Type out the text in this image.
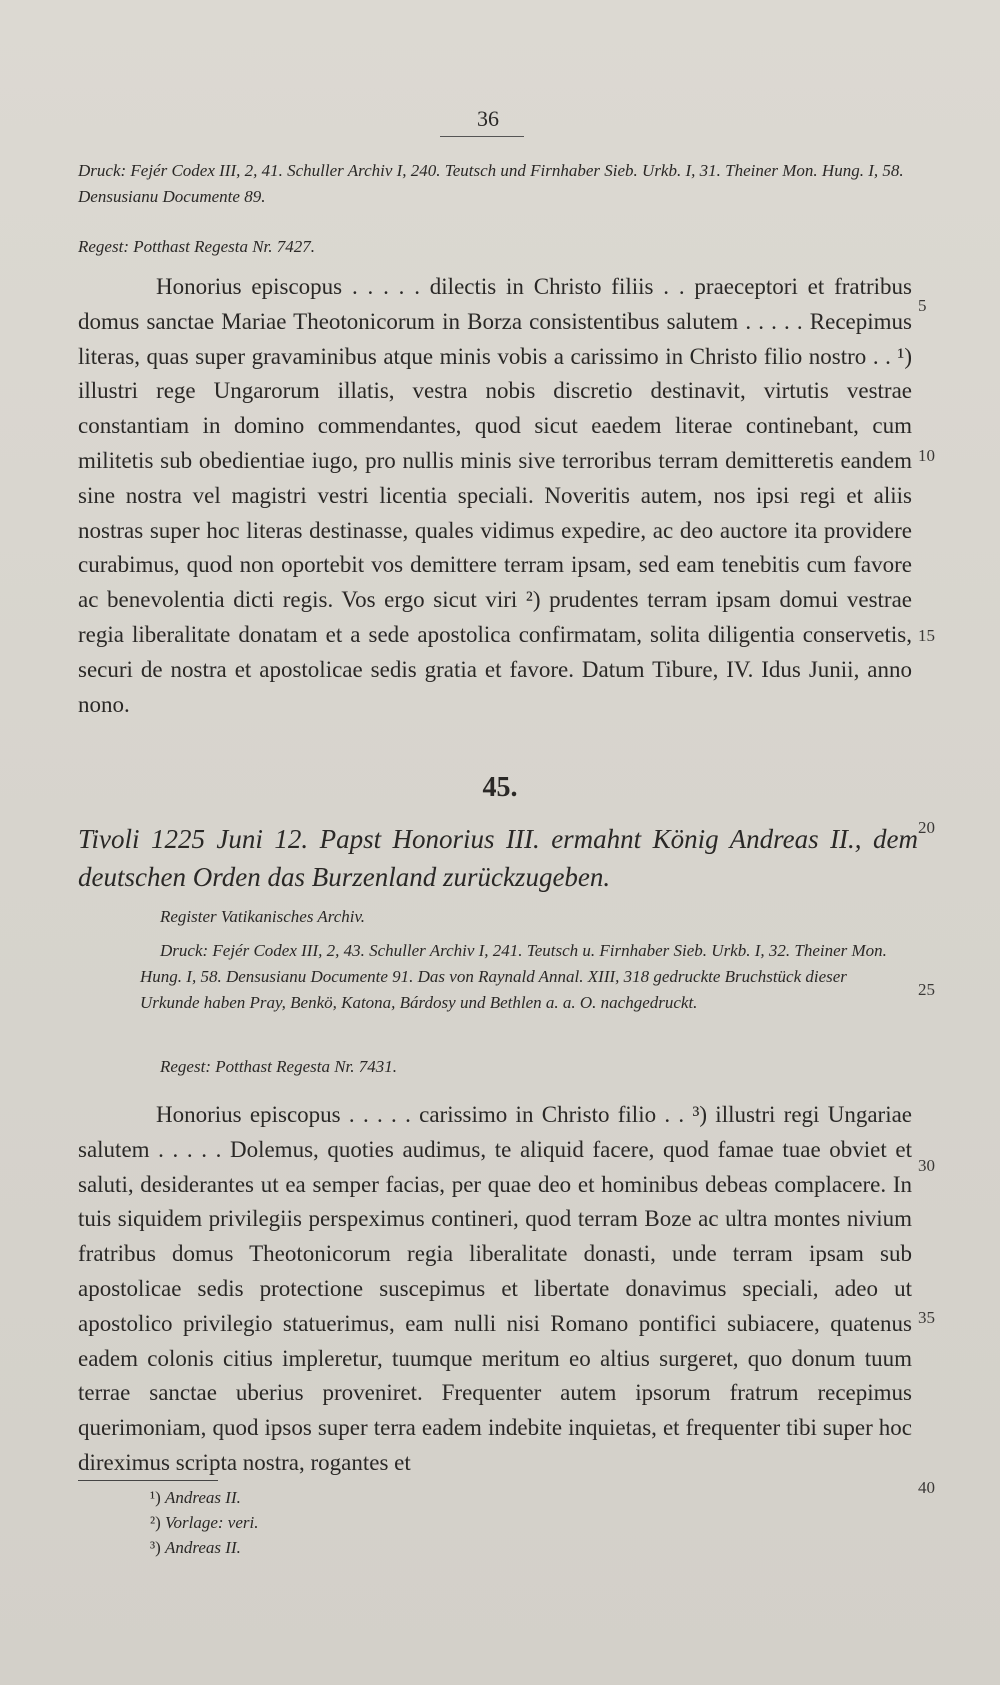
36
Druck: Fejér Codex III, 2, 41. Schuller Archiv I, 240. Teutsch und Firnhaber Sieb. Urkb. I, 31. Theiner Mon. Hung. I, 58. Densusianu Documente 89.
Regest: Potthast Regesta Nr. 7427.

Honorius episcopus . . . . . dilectis in Christo filiis . . praeceptori et fratribus domus sanctae Mariae Theotonicorum in Borza consistentibus salutem . . . . . Recepimus literas, quas super gravaminibus atque minis vobis a carissimo in Christo filio nostro . . ¹) illustri rege Ungarorum illatis, vestra nobis discretio destinavit, virtutis vestrae constantiam in domino commendantes, quod sicut eaedem literae continebant, cum militetis sub obedientiae iugo, pro nullis minis sive terroribus terram demitteretis eandem sine nostra vel magistri vestri licentia speciali. Noveritis autem, nos ipsi regi et aliis nostras super hoc literas destinasse, quales vidimus expedire, ac deo auctore ita providere curabimus, quod non oportebit vos demittere terram ipsam, sed eam tenebitis cum favore ac benevolentia dicti regis. Vos ergo sicut viri ²) prudentes terram ipsam domui vestrae regia liberalitate donatam et a sede apostolica confirmatam, solita diligentia conservetis, securi de nostra et apostolicae sedis gratia et favore. Datum Tibure, IV. Idus Junii, anno nono.

45.
Tivoli 1225 Juni 12. Papst Honorius III. ermahnt König Andreas II., dem deutschen Orden das Burzenland zurückzugeben.
Register Vatikanisches Archiv.
Druck: Fejér Codex III, 2, 43. Schuller Archiv I, 241. Teutsch u. Firnhaber Sieb. Urkb. I, 32. Theiner Mon. Hung. I, 58. Densusianu Documente 91. Das von Raynald Annal. XIII, 318 gedruckte Bruchstück dieser Urkunde haben Pray, Benkö, Katona, Bárdosy und Bethlen a. a. O. nachgedruckt.
Regest: Potthast Regesta Nr. 7431.

Honorius episcopus . . . . . carissimo in Christo filio . . ³) illustri regi Ungariae salutem . . . . . Dolemus, quoties audimus, te aliquid facere, quod famae tuae obviet et saluti, desiderantes ut ea semper facias, per quae deo et hominibus debeas complacere. In tuis siquidem privilegiis perspeximus contineri, quod terram Boze ac ultra montes nivium fratribus domus Theotonicorum regia liberalitate donasti, unde terram ipsam sub apostolicae sedis protectione suscepimus et libertate donavimus speciali, adeo ut apostolico privilegio statuerimus, eam nulli nisi Romano pontifici subiacere, quatenus eadem colonis citius impleretur, tuumque meritum eo altius surgeret, quo donum tuum terrae sanctae uberius proveniret. Frequenter autem ipsorum fratrum recepimus querimoniam, quod ipsos super terra eadem indebite inquietas, et frequenter tibi super hoc direximus scripta nostra, rogantes et

5
10
15
20
25
30
35
40
¹) Andreas II.
²) Vorlage: veri.
³) Andreas II.
